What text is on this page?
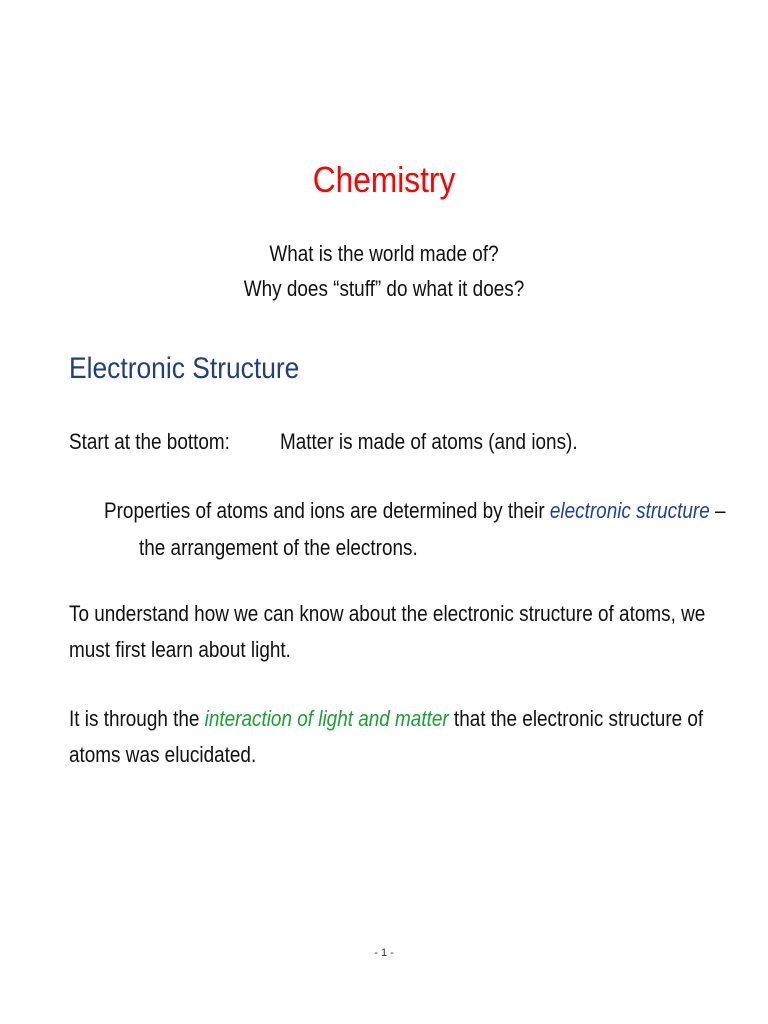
Chemistry

What is the world made of?

Why does “stuff” do what it does?

Electronic Structure

Start at the bottom: Matter is made of atoms (and ions).

Properties of atoms and ions are determined by their electronic structure –

the arrangement of the electrons.

To understand how we can know about the electronic structure of atoms, we

must first learn about light.

It is through the interaction of light and matter that the electronic structure of

atoms was elucidated.

- 1 -
